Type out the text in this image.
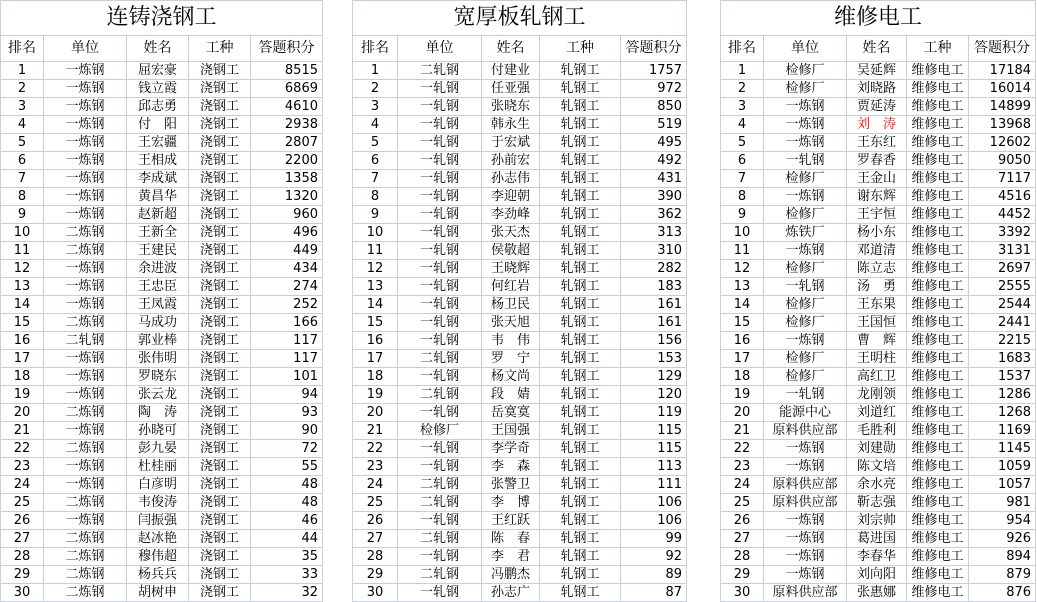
连铸浇钢工				
排名	单位	姓名	工种	答题积分
1	一炼钢	屈宏豪	浇钢工	8515
2	一炼钢	钱立霞	浇钢工	6869
3	一炼钢	邱志勇	浇钢工	4610
4	一炼钢	付　阳	浇钢工	2938
5	一炼钢	王宏疆	浇钢工	2807
6	一炼钢	王相成	浇钢工	2200
7	一炼钢	李成斌	浇钢工	1358
8	一炼钢	黄昌华	浇钢工	1320
9	一炼钢	赵新超	浇钢工	960
10	二炼钢	王新全	浇钢工	496
11	二炼钢	王建民	浇钢工	449
12	一炼钢	余进波	浇钢工	434
13	一炼钢	王忠臣	浇钢工	274
14	一炼钢	王凤霞	浇钢工	252
15	二炼钢	马成功	浇钢工	166
16	二轧钢	郭业棒	浇钢工	117
17	一炼钢	张伟明	浇钢工	117
18	一炼钢	罗晓东	浇钢工	101
19	一炼钢	张云龙	浇钢工	94
20	二炼钢	陶　涛	浇钢工	93
21	一炼钢	孙晓可	浇钢工	90
22	二炼钢	彭九晏	浇钢工	72
23	一炼钢	杜桂丽	浇钢工	55
24	一炼钢	白彦明	浇钢工	48
25	二炼钢	韦俊涛	浇钢工	48
26	一炼钢	闫振强	浇钢工	46
27	二炼钢	赵冰艳	浇钢工	44
28	二炼钢	穆伟超	浇钢工	35
29	二炼钢	杨兵兵	浇钢工	33
30	二炼钢	胡树申	浇钢工	32
宽厚板轧钢工				
排名	单位	姓名	工种	答题积分
1	二轧钢	付建业	轧钢工	1757
2	一轧钢	任亚强	轧钢工	972
3	一轧钢	张晓东	轧钢工	850
4	一轧钢	韩永生	轧钢工	519
5	一轧钢	于宏斌	轧钢工	495
6	一轧钢	孙前宏	轧钢工	492
7	一轧钢	孙志伟	轧钢工	431
8	一轧钢	李迎朝	轧钢工	390
9	一轧钢	李劲峰	轧钢工	362
10	一轧钢	张天杰	轧钢工	313
11	一轧钢	侯敬超	轧钢工	310
12	一轧钢	王晓辉	轧钢工	282
13	一轧钢	何红岩	轧钢工	183
14	一轧钢	杨卫民	轧钢工	161
15	一轧钢	张天旭	轧钢工	161
16	一轧钢	韦　伟	轧钢工	156
17	二轧钢	罗　宁	轧钢工	153
18	一轧钢	杨文尚	轧钢工	129
19	二轧钢	段　婧	轧钢工	120
20	一轧钢	岳寞寞	轧钢工	119
21	检修厂	王国强	轧钢工	115
22	一轧钢	李学奇	轧钢工	115
23	一轧钢	李　森	轧钢工	113
24	二轧钢	张警卫	轧钢工	111
25	二轧钢	李　博	轧钢工	106
26	一轧钢	王红跃	轧钢工	106
27	二轧钢	陈　春	轧钢工	99
28	一轧钢	李　君	轧钢工	92
29	二轧钢	冯鹏杰	轧钢工	89
30	一轧钢	孙志广	轧钢工	87
维修电工				
排名	单位	姓名	工种	答题积分
1	检修厂	吴延辉	维修电工	17184
2	检修厂	刘晓路	维修电工	16014
3	一炼钢	贾延涛	维修电工	14899
4	一炼钢	刘　涛	维修电工	13968
5	一炼钢	王东红	维修电工	12602
6	一轧钢	罗春香	维修电工	9050
7	检修厂	王金山	维修电工	7117
8	一炼钢	谢东辉	维修电工	4516
9	检修厂	王宇恒	维修电工	4452
10	炼铁厂	杨小东	维修电工	3392
11	一炼钢	邓道清	维修电工	3131
12	检修厂	陈立志	维修电工	2697
13	一轧钢	汤　勇	维修电工	2555
14	检修厂	王东果	维修电工	2544
15	检修厂	王国恒	维修电工	2441
16	一炼钢	曹　辉	维修电工	2215
17	检修厂	王明柱	维修电工	1683
18	检修厂	高红卫	维修电工	1537
19	一轧钢	龙刚领	维修电工	1286
20	能源中心	刘道红	维修电工	1268
21	原料供应部	毛胜利	维修电工	1169
22	一炼钢	刘建勋	维修电工	1145
23	一炼钢	陈文培	维修电工	1059
24	原料供应部	余水亮	维修电工	1057
25	原料供应部	靳志强	维修电工	981
26	一炼钢	刘宗帅	维修电工	954
27	一炼钢	葛进国	维修电工	926
28	一炼钢	李春华	维修电工	894
29	一炼钢	刘向阳	维修电工	879
30	原料供应部	张惠娜	维修电工	876
